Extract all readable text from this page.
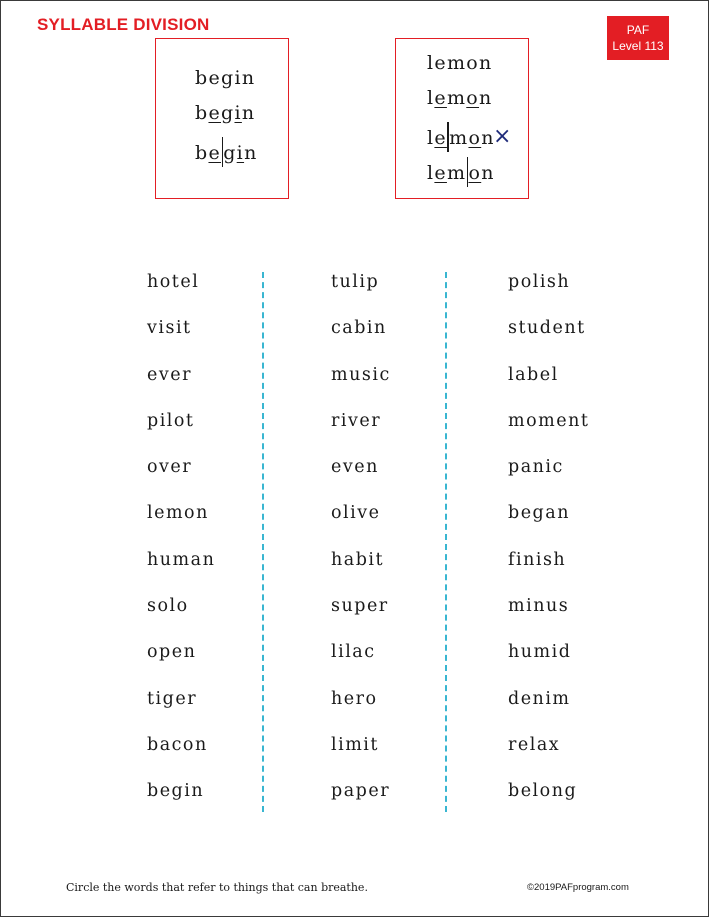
SYLLABLE DIVISION	PAF
Level 113
begin
begin
be gin
lemon
lemon
le mon
lem on
×
hotel
visit
ever
pilot
over
lemon
human
solo
open
tiger
bacon
begin
tulip
cabin
music
river
even
olive
habit
super
lilac
hero
limit
paper
polish
student
label
moment
panic
began
finish
minus
humid
denim
relax
belong
Circle the words that refer to things that can breathe.	©2019PAFprogram.com
